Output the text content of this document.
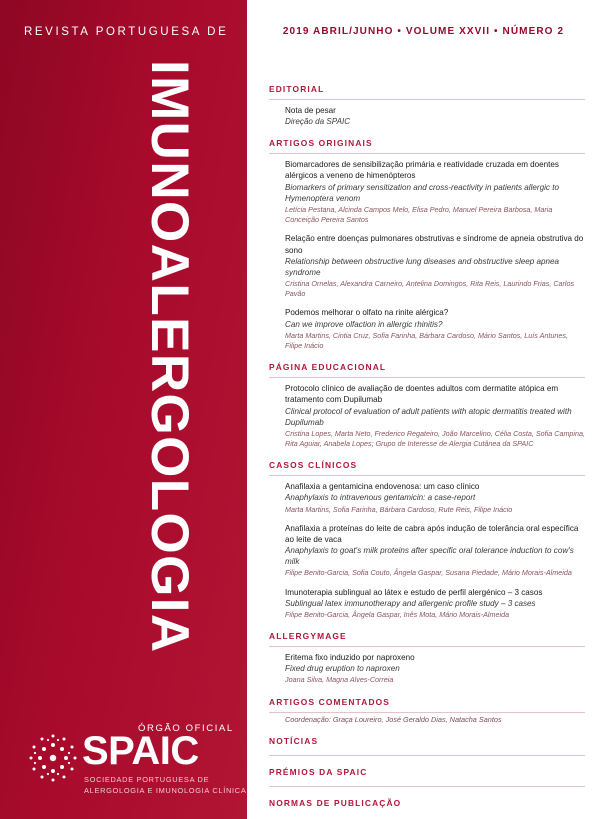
REVISTA PORTUGUESA DE
IMUNOALERGOLOGIA
ÓRGÃO OFICIAL
SPAIC
SOCIEDADE PORTUGUESA DE
ALERGOLOGIA E IMUNOLOGIA CLÍNICA
2019 ABRIL/JUNHO • VOLUME XXVII • NÚMERO 2
EDITORIAL
Nota de pesar
Direção da SPAIC
ARTIGOS ORIGINAIS
Biomarcadores de sensibilização primária e reatividade cruzada em doentes alérgicos a veneno de himenópteros
Biomarkers of primary sensitization and cross-reactivity in patients allergic to Hymenoptera venom
Letícia Pestana, Alcinda Campos Melo, Elisa Pedro, Manuel Pereira Barbosa, Maria Conceição Pereira Santos
Relação entre doenças pulmonares obstrutivas e síndrome de apneia obstrutiva do sono
Relationship between obstructive lung diseases and obstructive sleep apnea syndrome
Cristina Ornelas, Alexandra Carneiro, Antelina Domingos, Rita Reis, Laurindo Frias, Carlos Pavão
Podemos melhorar o olfato na rinite alérgica?
Can we improve olfaction in allergic rhinitis?
Marta Martins, Cintia Cruz, Sofia Farinha, Bárbara Cardoso, Mário Santos, Luís Antunes, Filipe Inácio
PÁGINA EDUCACIONAL
Protocolo clínico de avaliação de doentes adultos com dermatite atópica em tratamento com Dupilumab
Clinical protocol of evaluation of adult patients with atopic dermatitis treated with Dupilumab
Cristina Lopes, Marta Neto, Frederico Regateiro, João Marcelino, Célia Costa, Sofia Campina, Rita Aguiar, Anabela Lopes; Grupo de Interesse de Alergia Cutânea da SPAIC
CASOS CLÍNICOS
Anafilaxia a gentamicina endovenosa: um caso clínico
Anaphylaxis to intravenous gentamicin: a case-report
Marta Martins, Sofia Farinha, Bárbara Cardoso, Rute Reis, Filipe Inácio
Anafilaxia a proteínas do leite de cabra após indução de tolerância oral específica ao leite de vaca
Anaphylaxis to goat's milk proteins after specific oral tolerance induction to cow's milk
Filipe Benito-Garcia, Sofia Couto, Ângela Gaspar, Susana Piedade, Mário Morais-Almeida
Imunoterapia sublingual ao látex e estudo de perfil alergénico – 3 casos
Sublingual latex immunotherapy and allergenic profile study – 3 cases
Filipe Benito-Garcia, Ângela Gaspar, Inês Mota, Mário Morais-Almeida
ALLERGYMAGE
Eritema fixo induzido por naproxeno
Fixed drug eruption to naproxen
Joana Silva, Magna Alves-Correia
ARTIGOS COMENTADOS
Coordenação: Graça Loureiro, José Geraldo Dias, Natacha Santos
NOTÍCIAS
PRÉMIOS DA SPAIC
NORMAS DE PUBLICAÇÃO
